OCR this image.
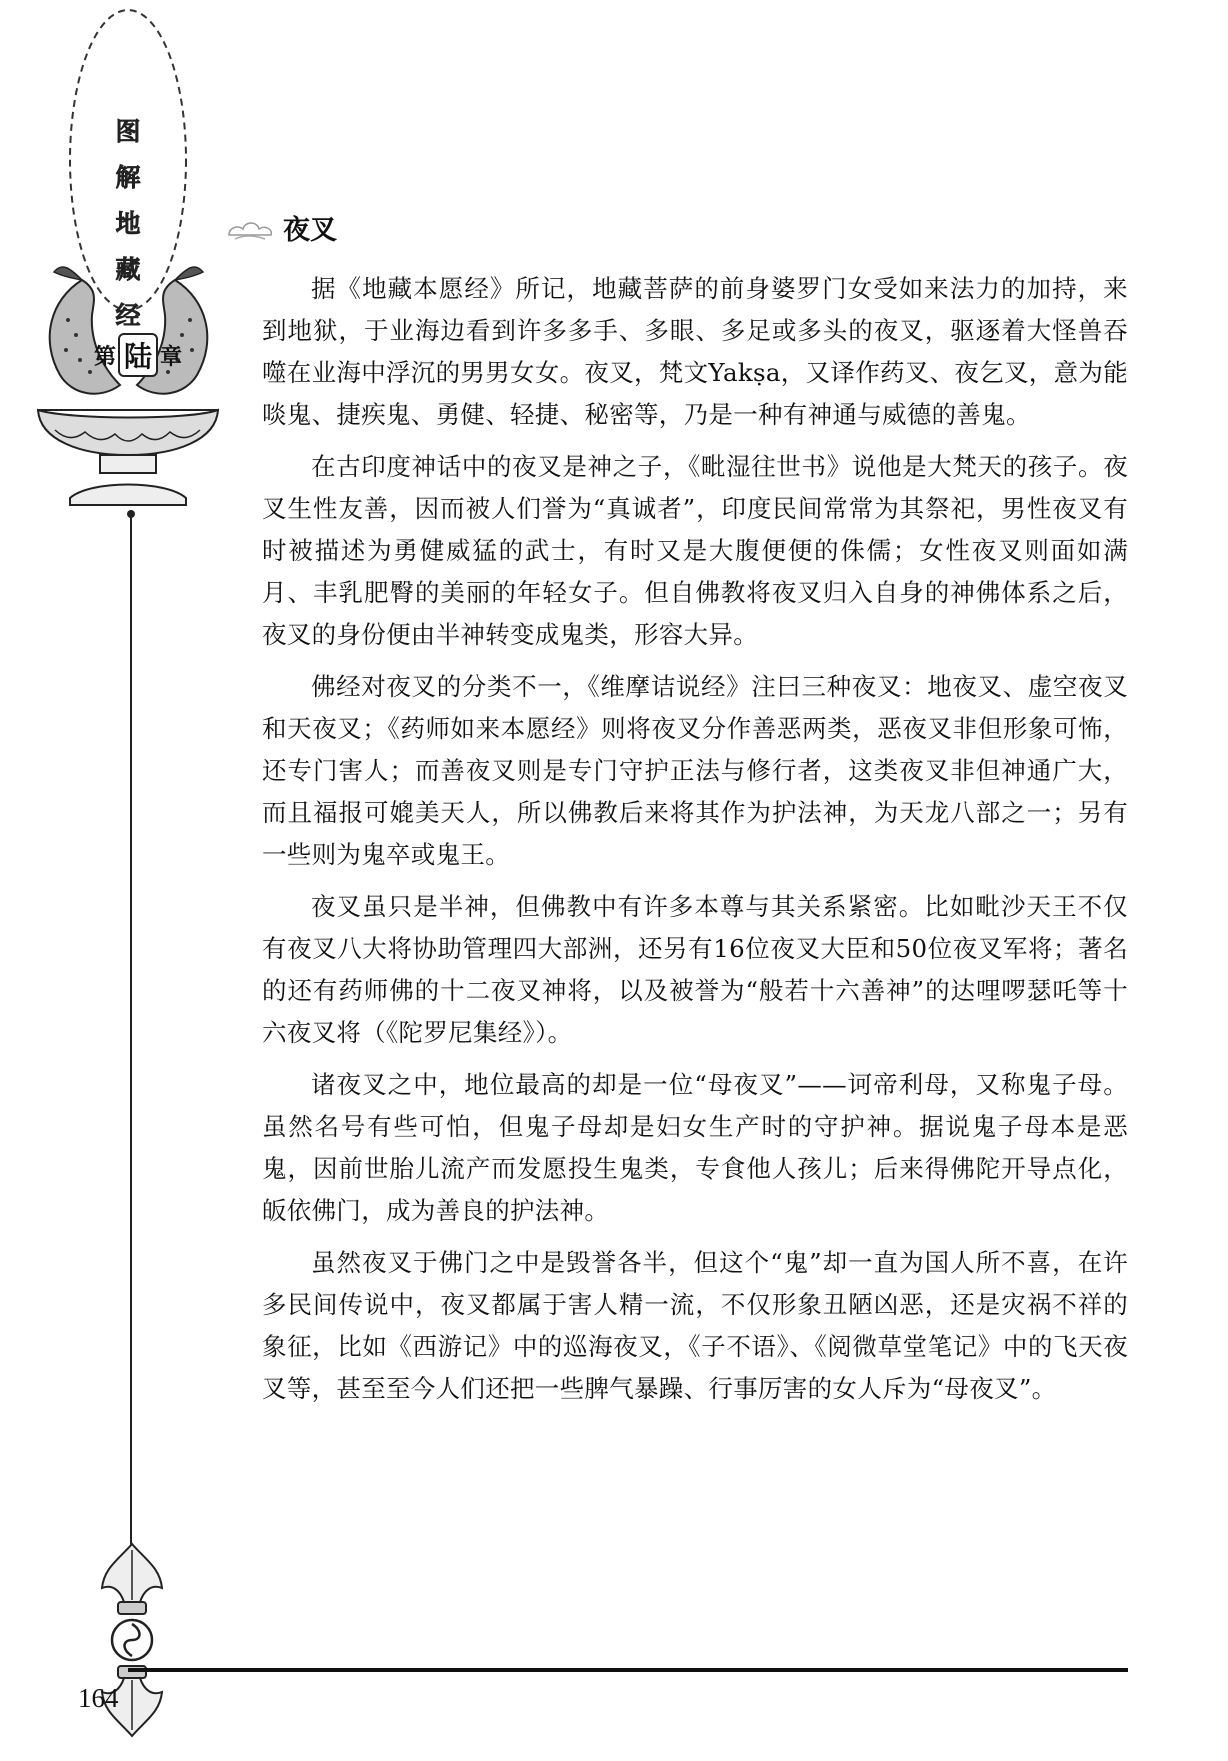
图
解
地
藏
经
第 陆 章
夜叉

据《地藏本愿经》所记，地藏菩萨的前身婆罗门女受如来法力的加持，来到地狱，于业海边看到许多多手、多眼、多足或多头的夜叉，驱逐着大怪兽吞噬在业海中浮沉的男男女女。夜叉，梵文Yakṣa，又译作药叉、夜乞叉，意为能啖鬼、捷疾鬼、勇健、轻捷、秘密等，乃是一种有神通与威德的善鬼。

在古印度神话中的夜叉是神之子，《毗湿往世书》说他是大梵天的孩子。夜叉生性友善，因而被人们誉为“真诚者”，印度民间常常为其祭祀，男性夜叉有时被描述为勇健威猛的武士，有时又是大腹便便的侏儒；女性夜叉则面如满月、丰乳肥臀的美丽的年轻女子。但自佛教将夜叉归入自身的神佛体系之后，夜叉的身份便由半神转变成鬼类，形容大异。

佛经对夜叉的分类不一，《维摩诘说经》注曰三种夜叉：地夜叉、虚空夜叉和天夜叉；《药师如来本愿经》则将夜叉分作善恶两类，恶夜叉非但形象可怖，还专门害人；而善夜叉则是专门守护正法与修行者，这类夜叉非但神通广大，而且福报可媲美天人，所以佛教后来将其作为护法神，为天龙八部之一；另有一些则为鬼卒或鬼王。

夜叉虽只是半神，但佛教中有许多本尊与其关系紧密。比如毗沙天王不仅有夜叉八大将协助管理四大部洲，还另有16位夜叉大臣和50位夜叉军将；著名的还有药师佛的十二夜叉神将，以及被誉为“般若十六善神”的达哩啰瑟吒等十六夜叉将（《陀罗尼集经》）。

诸夜叉之中，地位最高的却是一位“母夜叉”——诃帝利母，又称鬼子母。虽然名号有些可怕，但鬼子母却是妇女生产时的守护神。据说鬼子母本是恶鬼，因前世胎儿流产而发愿投生鬼类，专食他人孩儿；后来得佛陀开导点化，皈依佛门，成为善良的护法神。

虽然夜叉于佛门之中是毁誉各半，但这个“鬼”却一直为国人所不喜，在许多民间传说中，夜叉都属于害人精一流，不仅形象丑陋凶恶，还是灾祸不祥的象征，比如《西游记》中的巡海夜叉，《子不语》、《阅微草堂笔记》中的飞天夜叉等，甚至至今人们还把一些脾气暴躁、行事厉害的女人斥为“母夜叉”。

164
